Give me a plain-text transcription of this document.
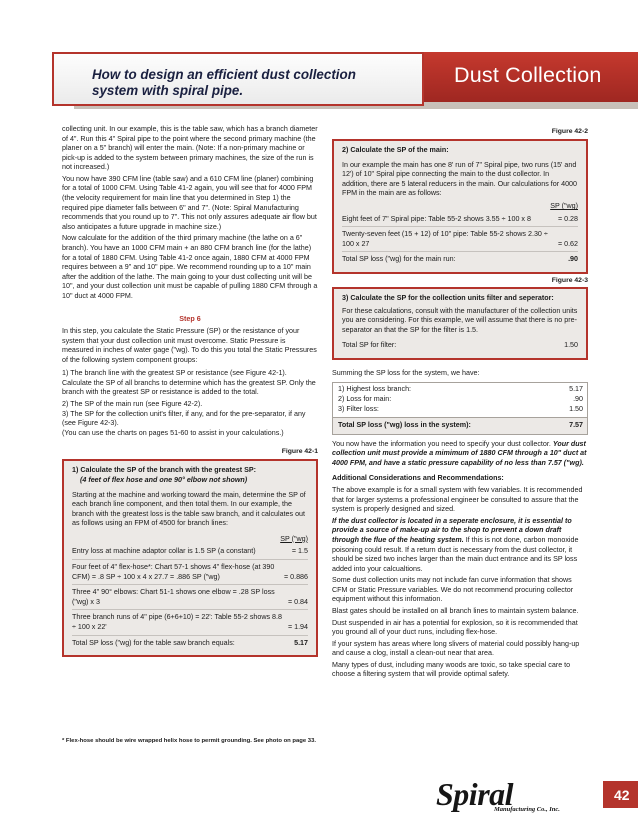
How to design an efficient dust collection system with spiral pipe.
Dust Collection
collecting unit. In our example, this is the table saw, which has a branch diameter of 4". Run this 4" Spiral pipe to the point where the second primary machine (the planer on a 5" branch) will enter the main. (Note: If a non-primary machine or pick-up is added to the system between primary machines, the size of the run is not increased.)
You now have 390 CFM line (table saw) and a 610 CFM line (planer) combining for a total of 1000 CFM. Using Table 41-2 again, you will see that for 4000 FPM (the velocity requirement for main line that you determined in Step 1) the required pipe diameter falls between 6" and 7". (Note: Spiral Manufacturing recommends that you round up to 7". This not only assures adequate air flow but also anticipates a future upgrade in machine size.)
Now calculate for the addition of the third primary machine (the lathe on a 6" branch). You have an 1000 CFM main + an 880 CFM branch line (for the lathe) for a total of 1880 CFM. Using Table 41-2 once again, 1880 CFM at 4000 FPM requires between a 9" and 10" pipe. We recommend rounding up to a 10" main after the addition of the lathe. The main going to your dust collecting unit will be 10", and your dust collection unit must be capable of pulling 1880 CFM through a 10" duct at 4000 FPM.
Step 6
In this step, you calculate the Static Pressure (SP) or the resistance of your system that your dust collection unit must overcome. Static Pressure is measured in inches of water gage ("wg). To do this you total the Static Pressures of the following system component groups:
1) The branch line with the greatest SP or resistance (see Figure 42-1). Calculate the SP of all branchs to determine which has the greatest SP. Only the branch with the greatest SP or resistance is added to the total.
2) The SP of the main run (see Figure 42-2).
3) The SP for the collection unit's filter, if any, and for the pre-separator, if any (see Figure 42-3).
(You can use the charts on pages 51-60 to assist in your calculations.)
Figure 42-1
1) Calculate the SP of the branch with the greatest SP:
(4 feet of flex hose and one 90° elbow not shown)
Starting at the machine and working toward the main, determine the SP of each branch line component, and then total them. In our example, the branch with the greatest loss is the table saw branch, and it calculates out as follows using an FPM of 4500 for branch lines:
SP ("wg)
Entry loss at machine adaptor collar is 1.5 SP (a constant)	= 1.5
Four feet of 4" flex-hose*: Chart 57-1 shows 4" flex-hose (at 390 CFM) = .8 SP ÷ 100 x 4 x 27.7 = .886 SP ("wg)	= 0.886
Three 4" 90° elbows: Chart 51-1 shows one elbow = .28 SP loss ("wg) x 3	= 0.84
Three branch runs of 4" pipe (6+6+10) = 22': Table 55-2 shows 8.8 ÷ 100 x 22'	= 1.94
Total SP loss ("wg) for the table saw branch equals:	5.17
Figure 42-2
2) Calculate the SP of the main:
In our example the main has one 8' run of 7" Spiral pipe, two runs (15' and 12') of 10" Spiral pipe connecting the main to the dust collector. In addition, there are 5 lateral reducers in the main. Our calculations for 4000 FPM in the main are as follows:
SP ("wg)
Eight feet of 7" Spiral pipe: Table 55-2 shows 3.55 ÷ 100 x 8	= 0.28
Twenty-seven feet (15 + 12) of 10" pipe: Table 55-2 shows 2.30 ÷ 100 x 27	= 0.62
Total SP loss ("wg) for the main run:	.90
Figure 42-3
3) Calculate the SP for the collection units filter and seperator:
For these calculations, consult with the manufacturer of the collection units you are considering. For this example, we will assume that there is no pre-separator an that the SP for the filter is 1.5.
Total SP for filter:	1.50
Summing the SP loss for the system, we have:
1) Highest loss branch:	5.17
2) Loss for main:	.90
3) Filter loss:	1.50
Total SP loss ("wg) loss in the system):	7.57
You now have the information you need to specify your dust collector. Your dust collection unit must provide a mimimum of 1880 CFM through a 10" duct at 4000 FPM, and have a static pressure capability of no less than 7.57 ("wg).
Additional Considerations and Recommendations:
The above example is for a small system with few variables. It is recommended that for larger systems a professional engineer be consulted to assure that the system is properly designed and sized.
If the dust collector is located in a seperate enclosure, it is essential to provide a source of make-up air to the shop to prevent a down draft through the flue of the heating system. If this is not done, carbon monoxide poisoning could result. If a return duct is necessary from the dust collector, it should be sized two inches larger than the main duct entrance and its SP loss added into your calcualtions.
Some dust collection units may not include fan curve information that shows CFM or Static Pressure variables. We do not recommend procuring collector equipment without this information.
Blast gates should be installed on all branch lines to maintain system balance.
Dust suspended in air has a potential for explosion, so it is recommended that you ground all of your duct runs, including flex-hose.
If your system has areas where long slivers of material could possibly hang-up and cause a clog, install a clean-out near that area.
Many types of dust, including many woods are toxic, so take special care to choose a filtering system that will provide optimal safety.
* Flex-hose should be wire wrapped helix hose to permit grounding. See photo on page 33.
Spiral
Manufacturing Co., Inc.
42
